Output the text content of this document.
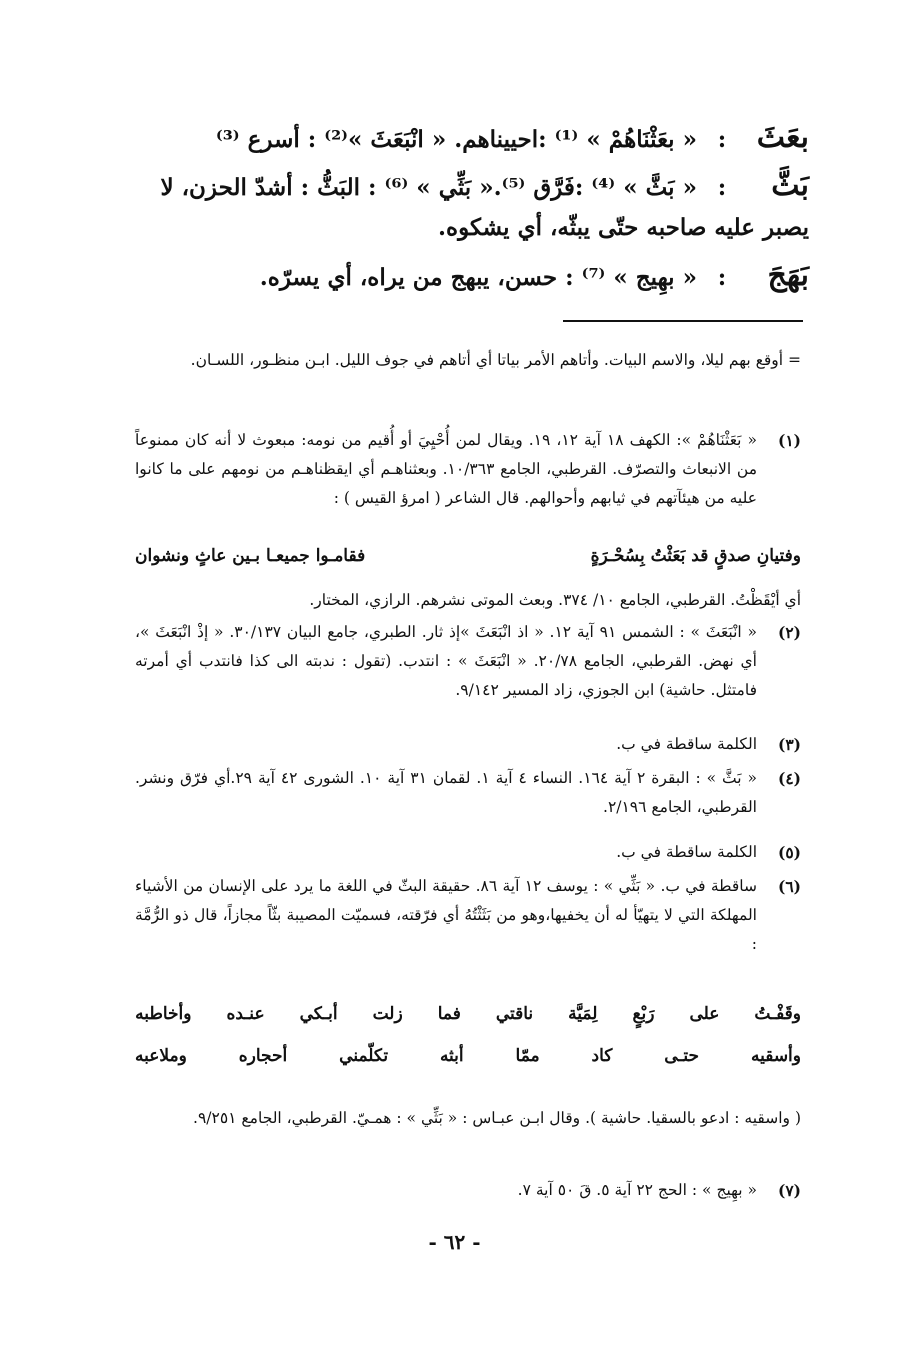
بعَثَ : « بعَثْنَاهُمْ » ⁽¹⁾ :احييناهم. « انْبَعَثَ »⁽²⁾ : أسرع ⁽³⁾
بَثَّ : « بَثَّ » ⁽⁴⁾ :فَرَّق ⁽⁵⁾.« بَثِّي » ⁽⁶⁾ : البَثُّ : أشدّ الحزن، لا يصبر عليه صاحبه حتّى يبثّه، أي يشكوه.
بَهَجَ : « بهِيج » ⁽⁷⁾ : حسن، يبهج من يراه، أي يسرّه.
= أوقع بهم ليلا، والاسم البيات. وأتاهم الأمر بياتا أي أتاهم في جوف الليل. ابـن منظـور، اللسـان.
(١)
« بَعَثْنَاهُمْ »: الكهف ١٨ آية ١٢، ١٩. ويقال لمن أُحْيِيَ أو أُقيم من نومه: مبعوث لا أنه كان ممنوعاً من الانبعاث والتصرّف. القرطبي، الجامع ١٠/٣٦٣. وبعثناهـم أي ايقظناهـم من نومهم على ما كانوا عليه من هيئآتهم في ثيابهم وأحوالهم. قال الشاعر ( امرؤ القيس ) :
وفتيانِ صدقٍ قد بَعَثْتُ بِسُحْـرَةٍ
فقامـوا جميعـا بـين عاثٍ ونشوان
أي أيْقَظْتُ. القرطبي، الجامع ١٠/ ٣٧٤. وبعث الموتى نشرهم. الرازي، المختار.
(٢)
« انْبَعَثَ » : الشمس ٩١ آية ١٢. « اذ انْبَعَثَ »إذ ثار. الطبري، جامع البيان ٣٠/١٣٧. « إذْ انْبَعَثَ »، أي نهض. القرطبي، الجامع ٢٠/٧٨. « انْبَعَثَ » : انتدب. (تقول : ندبته الى كذا فانتدب أي أمرته فامتثل. حاشية) ابن الجوزي، زاد المسير ٩/١٤٢.
(٣)
الكلمة ساقطة في ب.
(٤)
« بَثَّ » : البقرة ٢ آية ١٦٤. النساء ٤ آية ١. لقمان ٣١ آية ١٠. الشورى ٤٢ آية ٢٩.أي فرّق ونشر. القرطبي، الجامع ٢/١٩٦.
(٥)
الكلمة ساقطة في ب.
(٦)
ساقطة في ب. « بَثِّي » : يوسف ١٢ آية ٨٦. حقيقة البثّ في اللغة ما يرد على الإنسان من الأشياء المهلكة التي لا يتهيّأ له أن يخفيها،وهو من بَثَثْتُهُ أي فرّقته، فسميّت المصيبة بثّاً مجازاً، قال ذو الرُّمَّة :
وقَفْـتُ
على
رَبْعٍ
لِمَيَّة
ناقتي
فما
زلت
أبـكي
عنـده
وأخاطبه
وأسقيه
حتـى
كاد
ممّا
أبثه
تكلّمني
أحجاره
وملاعبه
( واسقيه : ادعو بالسقيا. حاشية ). وقال ابـن عبـاس : « بَثِّي » : همـيّ. القرطبي، الجامع ٩/٢٥١.
(٧)
« بهِيج » : الحج ٢٢ آية ٥. قَ ٥٠ آية ٧.
- ٦٢ -
